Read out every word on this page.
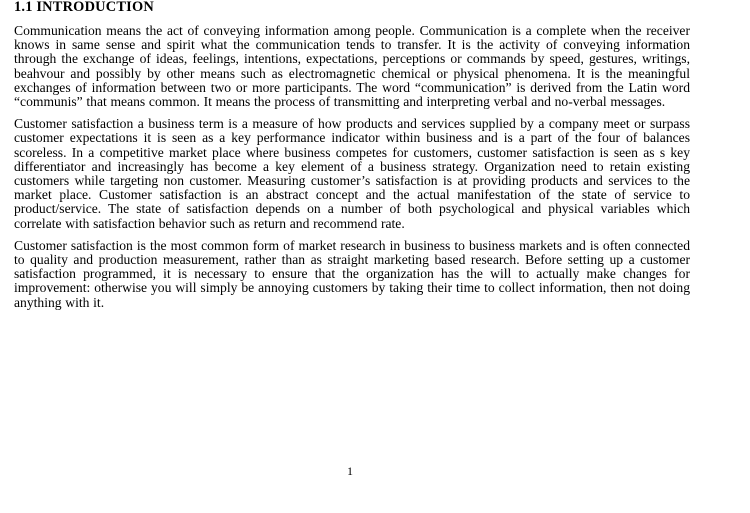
1.1 INTRODUCTION

Communication means the act of conveying information among people. Communication is a complete when the receiver knows in same sense and spirit what the communication tends to transfer. It is the activity of conveying information through the exchange of ideas, feelings, intentions, expectations, perceptions or commands by speed, gestures, writings, beahvour and possibly by other means such as electromagnetic chemical or physical phenomena. It is the meaningful exchanges of information between two or more participants. The word “communication” is derived from the Latin word “communis” that means common. It means the process of transmitting and interpreting verbal and no-verbal messages.

Customer satisfaction a business term is a measure of how products and services supplied by a company meet or surpass customer expectations it is seen as a key performance indicator within business and is a part of the four of balances scoreless. In a competitive market place where business competes for customers, customer satisfaction is seen as s key differentiator and increasingly has become a key element of a business strategy. Organization need to retain existing customers while targeting non customer. Measuring customer’s satisfaction is at providing products and services to the market place. Customer satisfaction is an abstract concept and the actual manifestation of the state of service to product/service. The state of satisfaction depends on a number of both psychological and physical variables which correlate with satisfaction behavior such as return and recommend rate.

Customer satisfaction is the most common form of market research in business to business markets and is often connected to quality and production measurement, rather than as straight marketing based research. Before setting up a customer satisfaction programmed, it is necessary to ensure that the organization has the will to actually make changes for improvement: otherwise you will simply be annoying customers by taking their time to collect information, then not doing anything with it.

1
